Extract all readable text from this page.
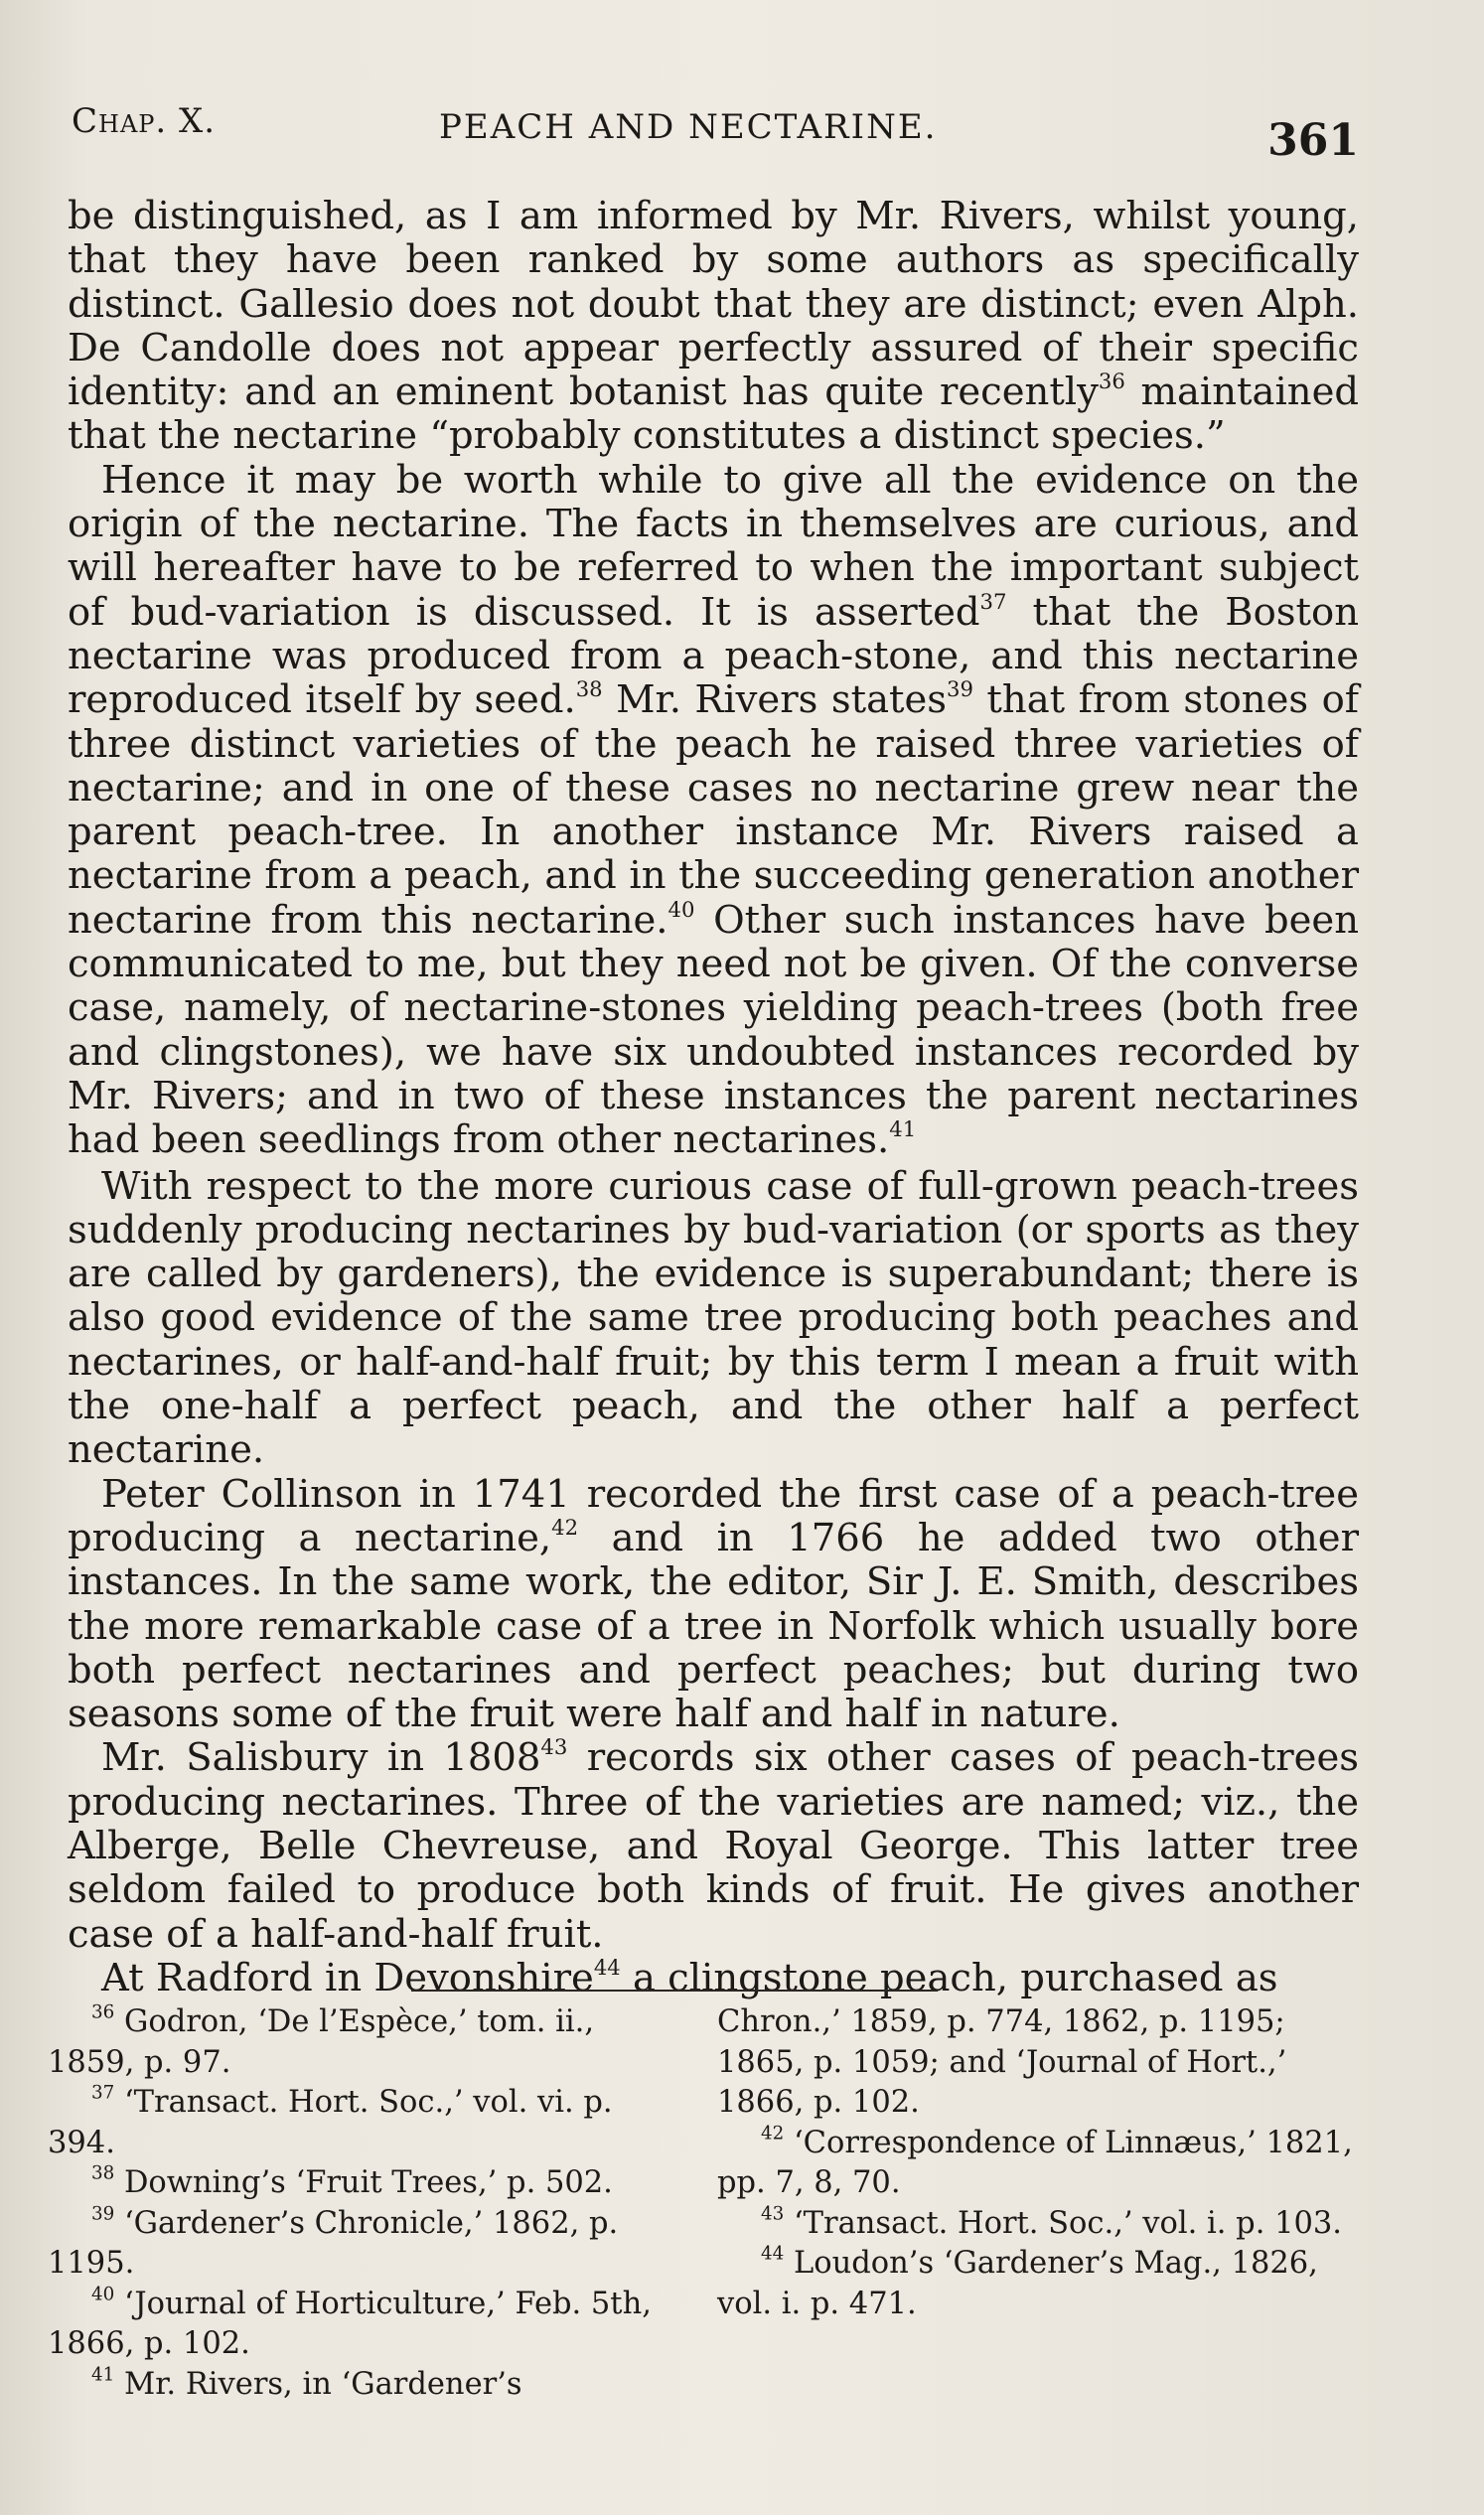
Chap. X.	PEACH AND NECTARINE.	361

be distinguished, as I am informed by Mr. Rivers, whilst young, that they have been ranked by some authors as specifically distinct. Gallesio does not doubt that they are distinct; even Alph. De Candolle does not appear perfectly assured of their specific identity: and an eminent botanist has quite recently$^{36}$ maintained that the nectarine “probably constitutes a distinct species.”

Hence it may be worth while to give all the evidence on the origin of the nectarine. The facts in themselves are curious, and will hereafter have to be referred to when the important subject of bud-variation is discussed. It is asserted$^{37}$ that the Boston nectarine was produced from a peach-stone, and this nectarine reproduced itself by seed.$^{38}$ Mr. Rivers states$^{39}$ that from stones of three distinct varieties of the peach he raised three varieties of nectarine; and in one of these cases no nectarine grew near the parent peach-tree. In another instance Mr. Rivers raised a nectarine from a peach, and in the succeeding generation another nectarine from this nectarine.$^{40}$ Other such instances have been communicated to me, but they need not be given. Of the converse case, namely, of nectarine-stones yielding peach-trees (both free and clingstones), we have six undoubted instances recorded by Mr. Rivers; and in two of these instances the parent nectarines had been seedlings from other nectarines.$^{41}$

With respect to the more curious case of full-grown peach-trees suddenly producing nectarines by bud-variation (or sports as they are called by gardeners), the evidence is superabundant; there is also good evidence of the same tree producing both peaches and nectarines, or half-and-half fruit; by this term I mean a fruit with the one-half a perfect peach, and the other half a perfect nectarine.

Peter Collinson in 1741 recorded the first case of a peach-tree producing a nectarine,$^{42}$ and in 1766 he added two other instances. In the same work, the editor, Sir J. E. Smith, describes the more remarkable case of a tree in Norfolk which usually bore both perfect nectarines and perfect peaches; but during two seasons some of the fruit were half and half in nature.

Mr. Salisbury in 1808$^{43}$ records six other cases of peach-trees producing nectarines. Three of the varieties are named; viz., the Alberge, Belle Chevreuse, and Royal George. This latter tree seldom failed to produce both kinds of fruit. He gives another case of a half-and-half fruit.

At Radford in Devonshire$^{44}$ a clingstone peach, purchased as

$^{36}$ Godron, ‘De l’Espèce,’ tom. ii., 1859, p. 97.

$^{37}$ ‘Transact. Hort. Soc.,’ vol. vi. p. 394.

$^{38}$ Downing’s ‘Fruit Trees,’ p. 502.

$^{39}$ ‘Gardener’s Chronicle,’ 1862, p. 1195.

$^{40}$ ‘Journal of Horticulture,’ Feb. 5th, 1866, p. 102.

$^{41}$ Mr. Rivers, in ‘Gardener’s

Chron.,’ 1859, p. 774, 1862, p. 1195; 1865, p. 1059; and ‘Journal of Hort.,’ 1866, p. 102.

$^{42}$ ‘Correspondence of Linnæus,’ 1821, pp. 7, 8, 70.

$^{43}$ ‘Transact. Hort. Soc.,’ vol. i. p. 103.

$^{44}$ Loudon’s ‘Gardener’s Mag., 1826, vol. i. p. 471.
